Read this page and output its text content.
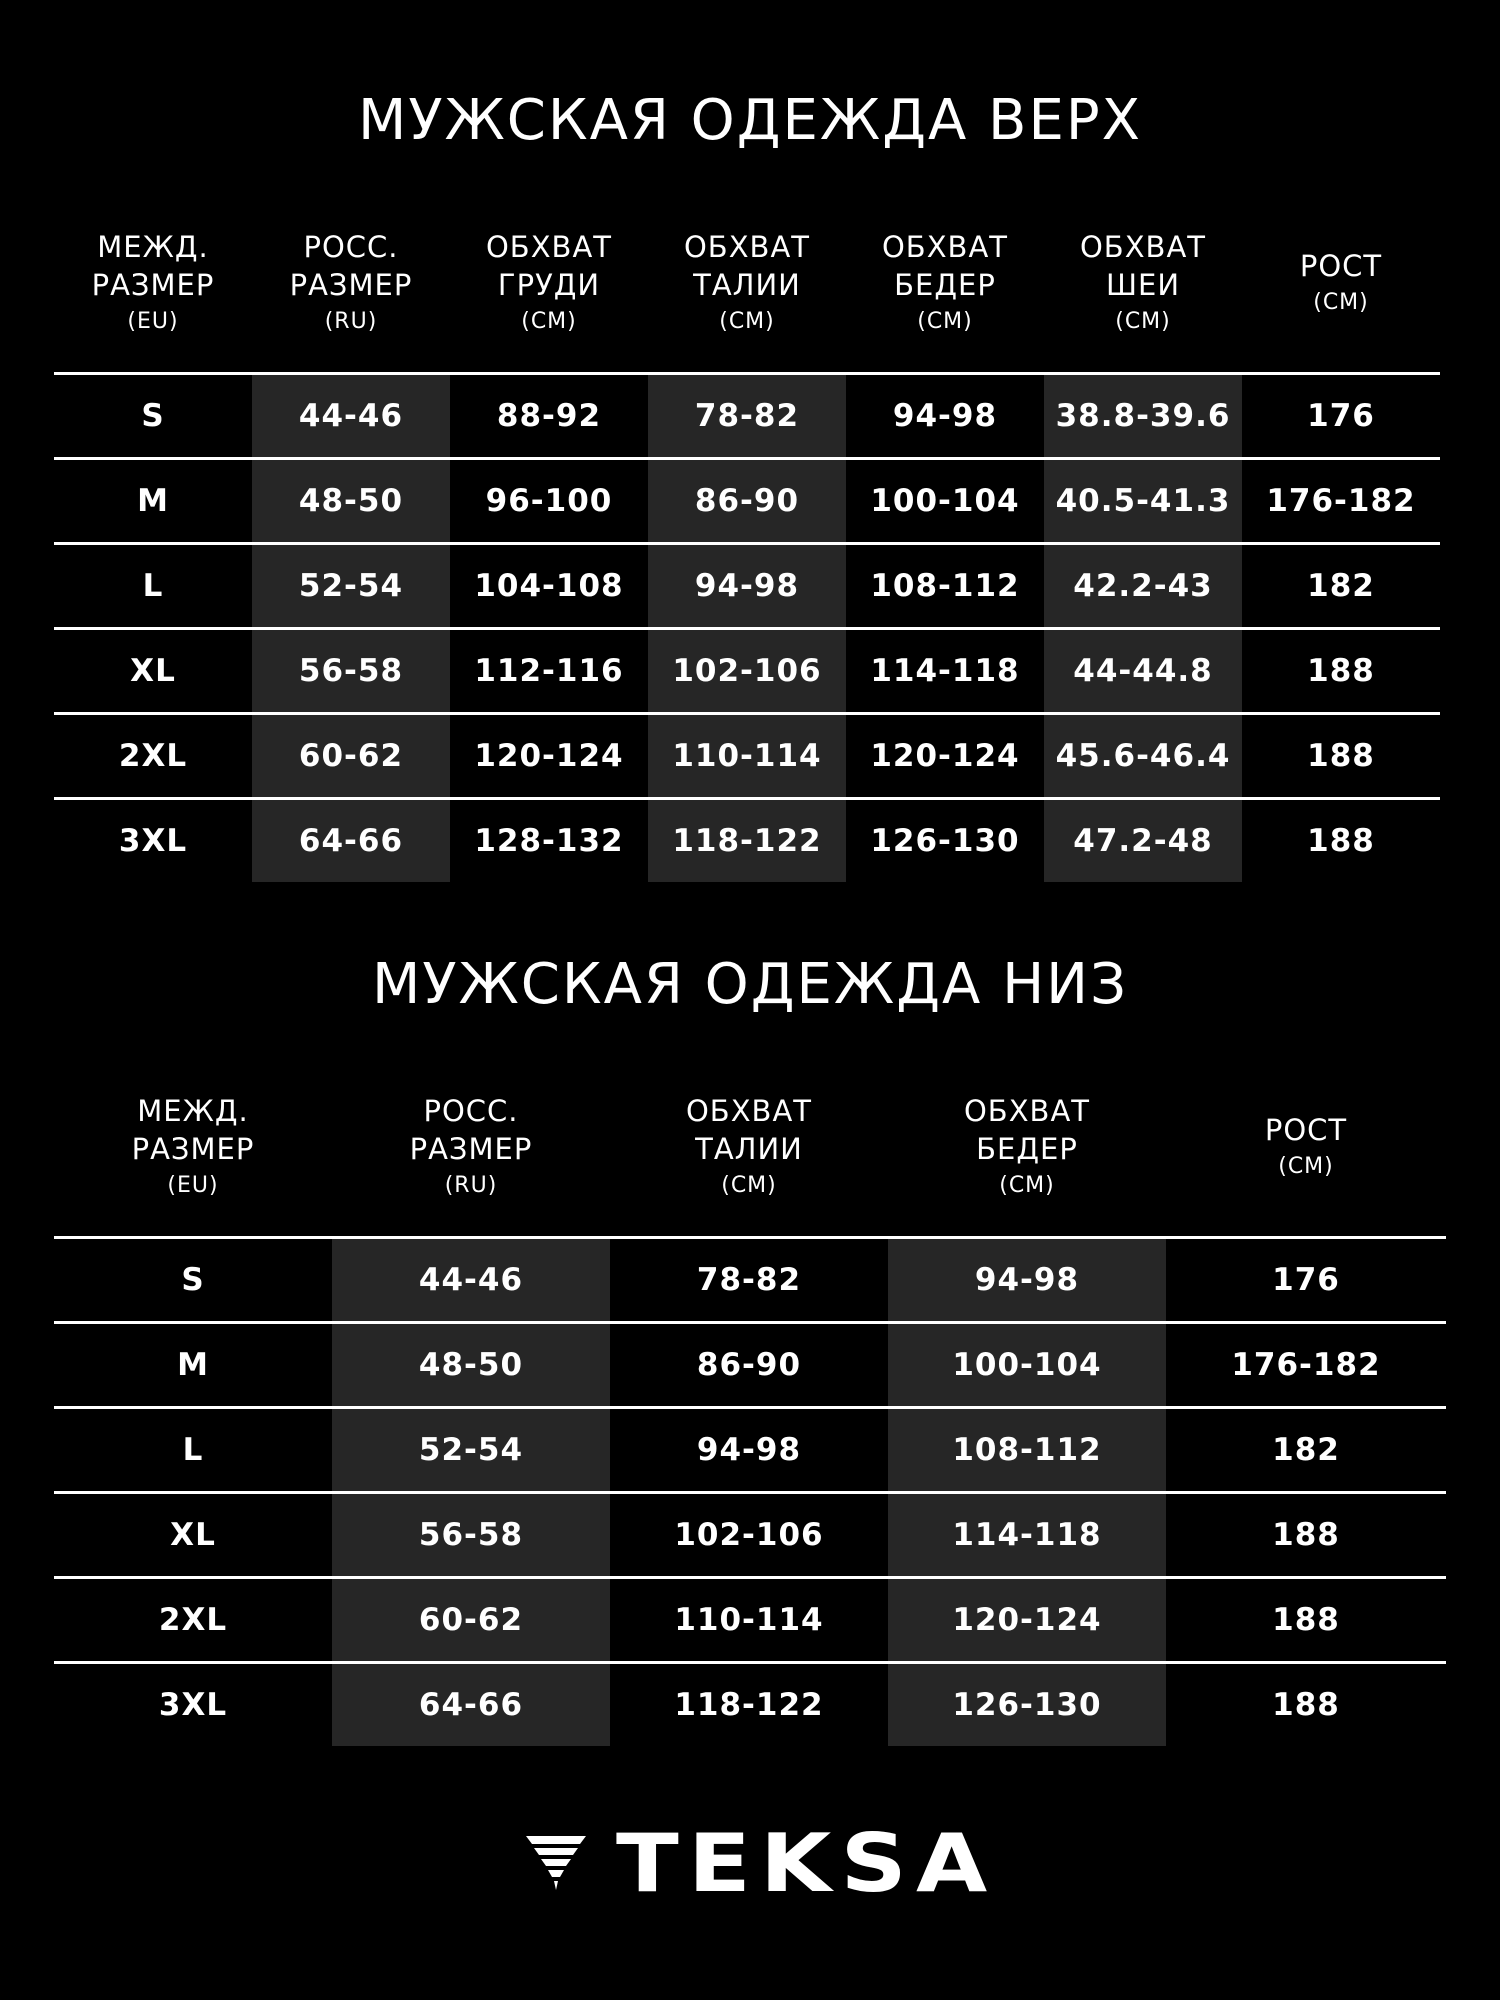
МУЖСКАЯ ОДЕЖДА ВЕРХ
МЕЖД.
РАЗМЕР
(EU)
РОСС.
РАЗМЕР
(RU)
ОБХВАТ
ГРУДИ
(СМ)
ОБХВАТ
ТАЛИИ
(СМ)
ОБХВАТ
БЕДЕР
(СМ)
ОБХВАТ
ШЕИ
(СМ)
РОСТ
(СМ)
S	44-46	88-92	78-82	94-98	38.8-39.6	176
M	48-50	96-100	86-90	100-104	40.5-41.3	176-182
L	52-54	104-108	94-98	108-112	42.2-43	182
XL	56-58	112-116	102-106	114-118	44-44.8	188
2XL	60-62	120-124	110-114	120-124	45.6-46.4	188
3XL	64-66	128-132	118-122	126-130	47.2-48	188
МУЖСКАЯ ОДЕЖДА НИЗ
МЕЖД.
РАЗМЕР
(EU)
РОСС.
РАЗМЕР
(RU)
ОБХВАТ
ТАЛИИ
(СМ)
ОБХВАТ
БЕДЕР
(СМ)
РОСТ
(СМ)
S	44-46	78-82	94-98	176
M	48-50	86-90	100-104	176-182
L	52-54	94-98	108-112	182
XL	56-58	102-106	114-118	188
2XL	60-62	110-114	120-124	188
3XL	64-66	118-122	126-130	188
TEKSA
